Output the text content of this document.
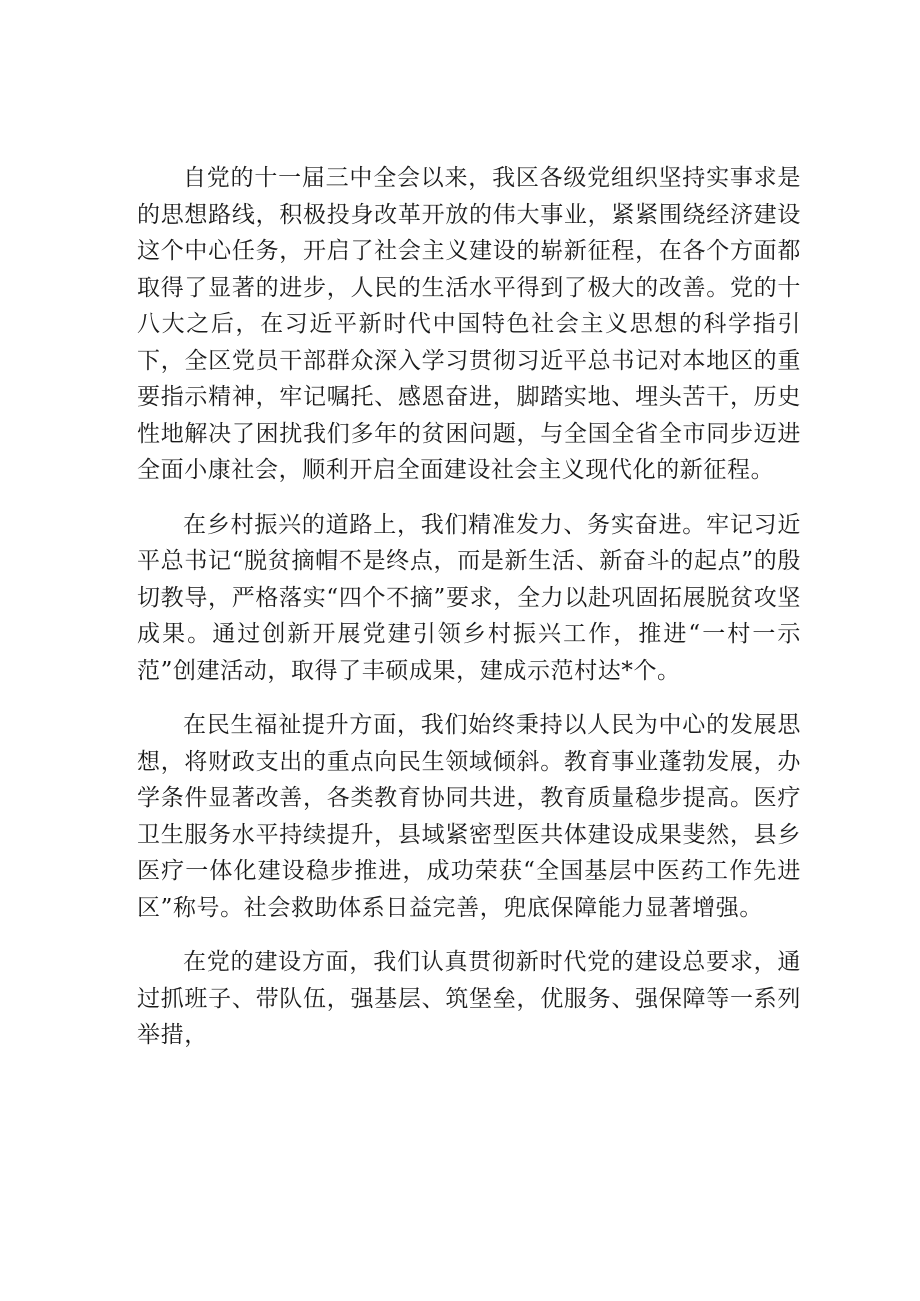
自党的十一届三中全会以来，我区各级党组织坚持实事求是的思想路线，积极投身改革开放的伟大事业，紧紧围绕经济建设这个中心任务，开启了社会主义建设的崭新征程，在各个方面都取得了显著的进步，人民的生活水平得到了极大的改善。党的十八大之后，在习近平新时代中国特色社会主义思想的科学指引下，全区党员干部群众深入学习贯彻习近平总书记对本地区的重要指示精神，牢记嘱托、感恩奋进，脚踏实地、埋头苦干，历史性地解决了困扰我们多年的贫困问题，与全国全省全市同步迈进全面小康社会，顺利开启全面建设社会主义现代化的新征程。

在乡村振兴的道路上，我们精准发力、务实奋进。牢记习近平总书记“脱贫摘帽不是终点，而是新生活、新奋斗的起点”的殷切教导，严格落实“四个不摘”要求，全力以赴巩固拓展脱贫攻坚成果。通过创新开展党建引领乡村振兴工作，推进“一村一示范”创建活动，取得了丰硕成果，建成示范村达*个。

在民生福祉提升方面，我们始终秉持以人民为中心的发展思想，将财政支出的重点向民生领域倾斜。教育事业蓬勃发展，办学条件显著改善，各类教育协同共进，教育质量稳步提高。医疗卫生服务水平持续提升，县域紧密型医共体建设成果斐然，县乡医疗一体化建设稳步推进，成功荣获“全国基层中医药工作先进区”称号。社会救助体系日益完善，兜底保障能力显著增强。

在党的建设方面，我们认真贯彻新时代党的建设总要求，通过抓班子、带队伍，强基层、筑堡垒，优服务、强保障等一系列举措，
